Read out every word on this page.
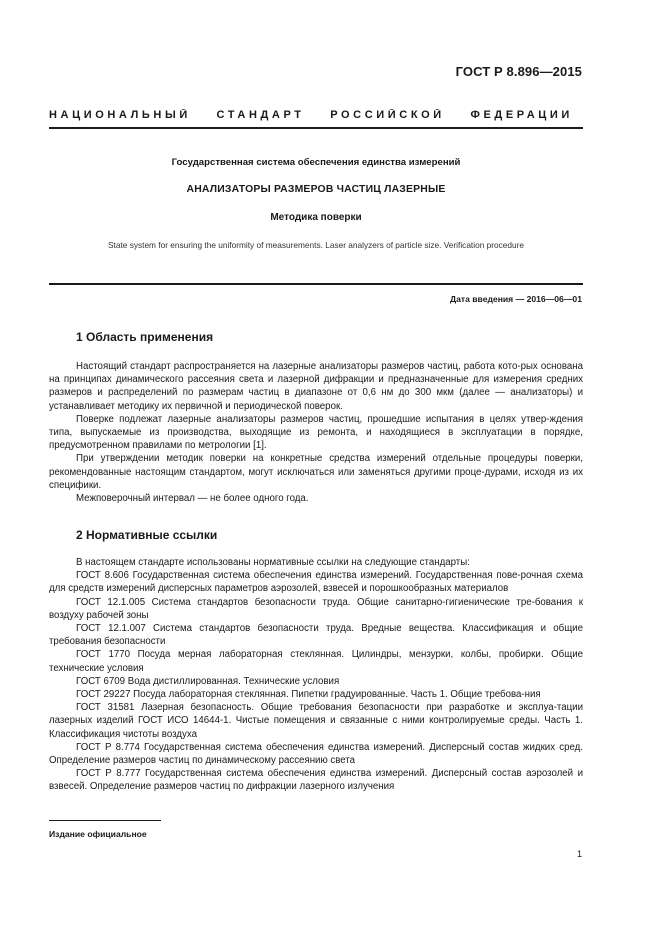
ГОСТ Р 8.896—2015
НАЦИОНАЛЬНЫЙ СТАНДАРТ РОССИЙСКОЙ ФЕДЕРАЦИИ
Государственная система обеспечения единства измерений
АНАЛИЗАТОРЫ РАЗМЕРОВ ЧАСТИЦ ЛАЗЕРНЫЕ
Методика поверки
State system for ensuring the uniformity of measurements. Laser analyzers of particle size. Verification procedure
Дата введения — 2016—06—01
1 Область применения

Настоящий стандарт распространяется на лазерные анализаторы размеров частиц, работа кото-рых основана на принципах динамического рассеяния света и лазерной дифракции и предназначенные для измерения средних размеров и распределений по размерам частиц в диапазоне от 0,6 нм до 300 мкм (далее — анализаторы) и устанавливает методику их первичной и периодической поверок.

Поверке подлежат лазерные анализаторы размеров частиц, прошедшие испытания в целях утвер-ждения типа, выпускаемые из производства, выходящие из ремонта, и находящиеся в эксплуатации в порядке, предусмотренном правилами по метрологии [1].

При утверждении методик поверки на конкретные средства измерений отдельные процедуры поверки, рекомендованные настоящим стандартом, могут исключаться или заменяться другими проце-дурами, исходя из их специфики.

Межповерочный интервал — не более одного года.

2 Нормативные ссылки

В настоящем стандарте использованы нормативные ссылки на следующие стандарты:

ГОСТ 8.606 Государственная система обеспечения единства измерений. Государственная пове-рочная схема для средств измерений дисперсных параметров аэрозолей, взвесей и порошкообразных материалов

ГОСТ 12.1.005 Система стандартов безопасности труда. Общие санитарно-гигиенические тре-бования к воздуху рабочей зоны

ГОСТ 12.1.007 Система стандартов безопасности труда. Вредные вещества. Классификация и общие требования безопасности

ГОСТ 1770 Посуда мерная лабораторная стеклянная. Цилиндры, мензурки, колбы, пробирки. Общие технические условия

ГОСТ 6709 Вода дистиллированная. Технические условия

ГОСТ 29227 Посуда лабораторная стеклянная. Пипетки градуированные. Часть 1. Общие требова-ния

ГОСТ 31581 Лазерная безопасность. Общие требования безопасности при разработке и эксплуа-тации лазерных изделий ГОСТ ИСО 14644-1. Чистые помещения и связанные с ними контролируемые среды. Часть 1. Классификация чистоты воздуха

ГОСТ Р 8.774 Государственная система обеспечения единства измерений. Дисперсный состав жидких сред. Определение размеров частиц по динамическому рассеянию света

ГОСТ Р 8.777 Государственная система обеспечения единства измерений. Дисперсный состав аэрозолей и взвесей. Определение размеров частиц по дифракции лазерного излучения

Издание официальное
1
